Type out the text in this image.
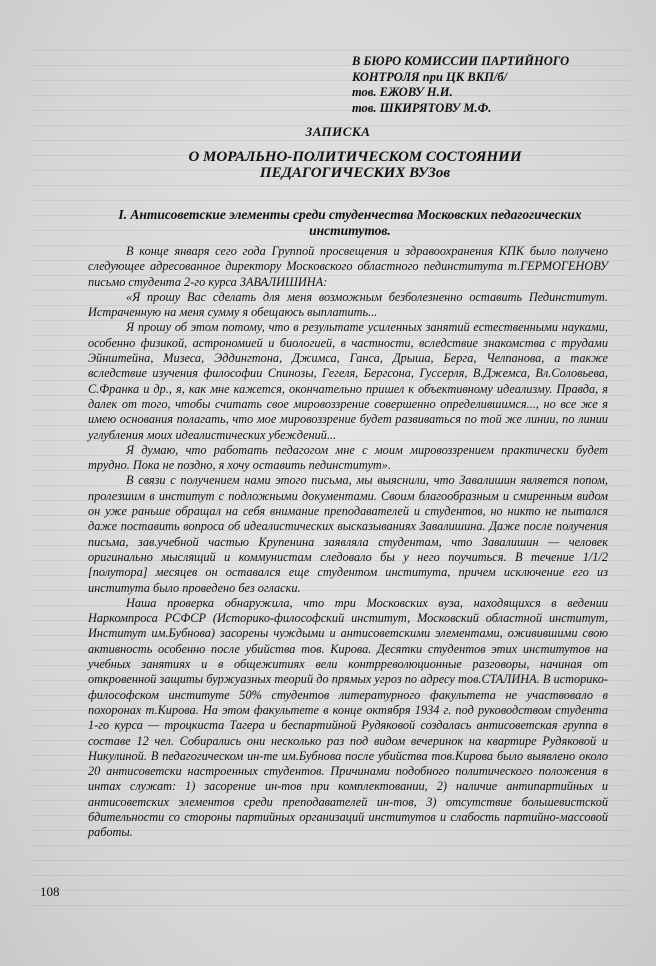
В БЮРО КОМИССИИ ПАРТИЙНОГО
КОНТРОЛЯ при ЦК ВКП/б/
тов. ЕЖОВУ Н.И.
тов. ШКИРЯТОВУ М.Ф.
ЗАПИСКА
О МОРАЛЬНО-ПОЛИТИЧЕСКОМ СОСТОЯНИИ ПЕДАГОГИЧЕСКИХ ВУЗов
I. Антисоветские элементы среди студенчества Московских педагогических институтов.

В конце января сего года Группой просвещения и здравоохранения КПК было получено следующее адресованное директору Московского областного пединститута т.ГЕРМОГЕНОВУ письмо студента 2-го курса ЗАВАЛИШИНА:

«Я прошу Вас сделать для меня возможным безболезненно оставить Пединститут. Истраченную на меня сумму я обещаюсь выплатить...

Я прошу об этом потому, что в результате усиленных занятий естественными науками, особенно физикой, астрономией и биологией, в частности, вследствие знакомства с трудами Эйнштейна, Мизеса, Эддингтона, Джимса, Ганса, Дрыша, Берга, Челпанова, а также вследствие изучения философии Спинозы, Гегеля, Бергсона, Гуссерля, В.Джемса, Вл.Соловьева, С.Франка и др., я, как мне кажется, окончательно пришел к объективному идеализму. Правда, я далек от того, чтобы считать свое мировоззрение совершенно определившимся..., но все же я имею основания полагать, что мое мировоззрение будет развиваться по той же линии, по линии углубления моих идеалистических убеждений...

Я думаю, что работать педагогом мне с моим мировоззрением практически будет трудно. Пока не поздно, я хочу оставить пединститут».

В связи с получением нами этого письма, мы выяснили, что Завалишин является попом, пролезшим в институт с подложными документами. Своим благообразным и смиренным видом он уже раньше обращал на себя внимание преподавателей и студентов, но никто не пытался даже поставить вопроса об идеалистических высказываниях Завалишина. Даже после получения письма, зав.учебной частью Крупенина заявляла студентам, что Завалишин — человек оригинально мыслящий и коммунистам следовало бы у него поучиться. В течение 1/1/2 [полутора] месяцев он оставался еще студентом института, причем исключение его из института было проведено без огласки.

Наша проверка обнаружила, что три Московских вуза, находящихся в ведении Наркомпроса РСФСР (Историко-философский институт, Московский областной институт, Институт им.Бубнова) засорены чуждыми и антисоветскими элементами, оживившими свою активность особенно после убийства тов. Кирова. Десятки студентов этих институтов на учебных занятиях и в общежитиях вели контрреволюционные разговоры, начиная от откровенной защиты буржуазных теорий до прямых угроз по адресу тов.СТАЛИНА. В историко-философском институте 50% студентов литературного факультета не участвовало в похоронах т.Кирова. На этом факультете в конце октября 1934 г. под руководством студента 1-го курса — троцкиста Тагера и беспартийной Рудяковой создалась антисоветская группа в составе 12 чел. Собирались они несколько раз под видом вечеринок на квартире Рудяковой и Никулиной. В педагогическом ин-те им.Бубнова после убийства тов.Кирова было выявлено около 20 антисоветски настроенных студентов. Причинами подобного политического положения в интах служат: 1) засорение ин-тов при комплектовании, 2) наличие антипартийных и антисоветских элементов среди преподавателей ин-тов, 3) отсутствие большевистской бдительности со стороны партийных организаций институтов и слабость партийно-массовой работы.

108
